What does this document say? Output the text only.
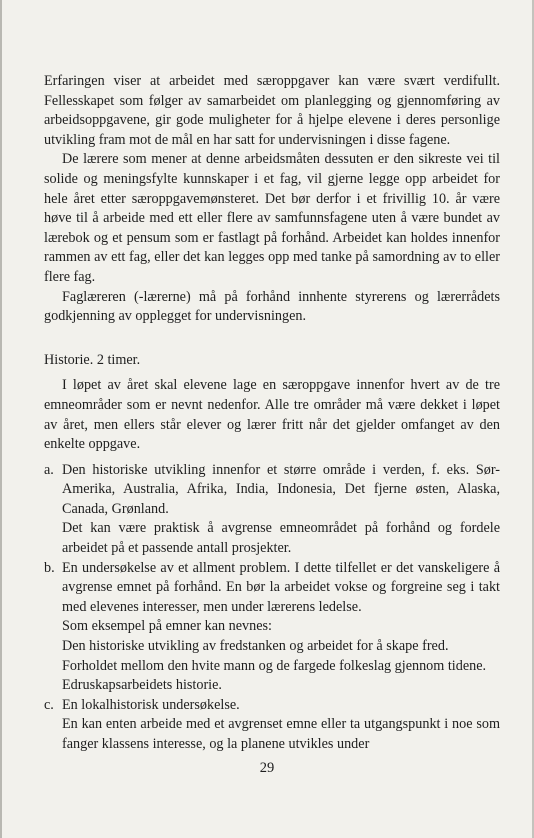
Erfaringen viser at arbeidet med særoppgaver kan være svært verdifullt. Fellesskapet som følger av samarbeidet om planlegging og gjennomføring av arbeidsoppgavene, gir gode muligheter for å hjelpe elevene i deres personlige utvikling fram mot de mål en har satt for undervisningen i disse fagene.

De lærere som mener at denne arbeidsmåten dessuten er den sikreste vei til solide og meningsfylte kunnskaper i et fag, vil gjerne legge opp arbeidet for hele året etter særoppgavemønsteret. Det bør derfor i et frivillig 10. år være høve til å arbeide med ett eller flere av samfunnsfagene uten å være bundet av lærebok og et pensum som er fastlagt på forhånd. Arbeidet kan holdes innenfor rammen av ett fag, eller det kan legges opp med tanke på samordning av to eller flere fag.

Faglæreren (-lærerne) må på forhånd innhente styrerens og lærerrådets godkjenning av opplegget for undervisningen.

Historie. 2 timer.

I løpet av året skal elevene lage en særoppgave innenfor hvert av de tre emneområder som er nevnt nedenfor. Alle tre områder må være dekket i løpet av året, men ellers står elever og lærer fritt når det gjelder omfanget av den enkelte oppgave.

a. Den historiske utvikling innenfor et større område i verden, f. eks. Sør-Amerika, Australia, Afrika, India, Indonesia, Det fjerne østen, Alaska, Canada, Grønland.

Det kan være praktisk å avgrense emneområdet på forhånd og fordele arbeidet på et passende antall prosjekter.

b. En undersøkelse av et allment problem. I dette tilfellet er det vanskeligere å avgrense emnet på forhånd. En bør la arbeidet vokse og forgreine seg i takt med elevenes interesser, men under lærerens ledelse.

Som eksempel på emner kan nevnes:

Den historiske utvikling av fredstanken og arbeidet for å skape fred.

Forholdet mellom den hvite mann og de fargede folkeslag gjennom tidene.

Edruskapsarbeidets historie.

c. En lokalhistorisk undersøkelse.

En kan enten arbeide med et avgrenset emne eller ta utgangspunkt i noe som fanger klassens interesse, og la planene utvikles under

29
